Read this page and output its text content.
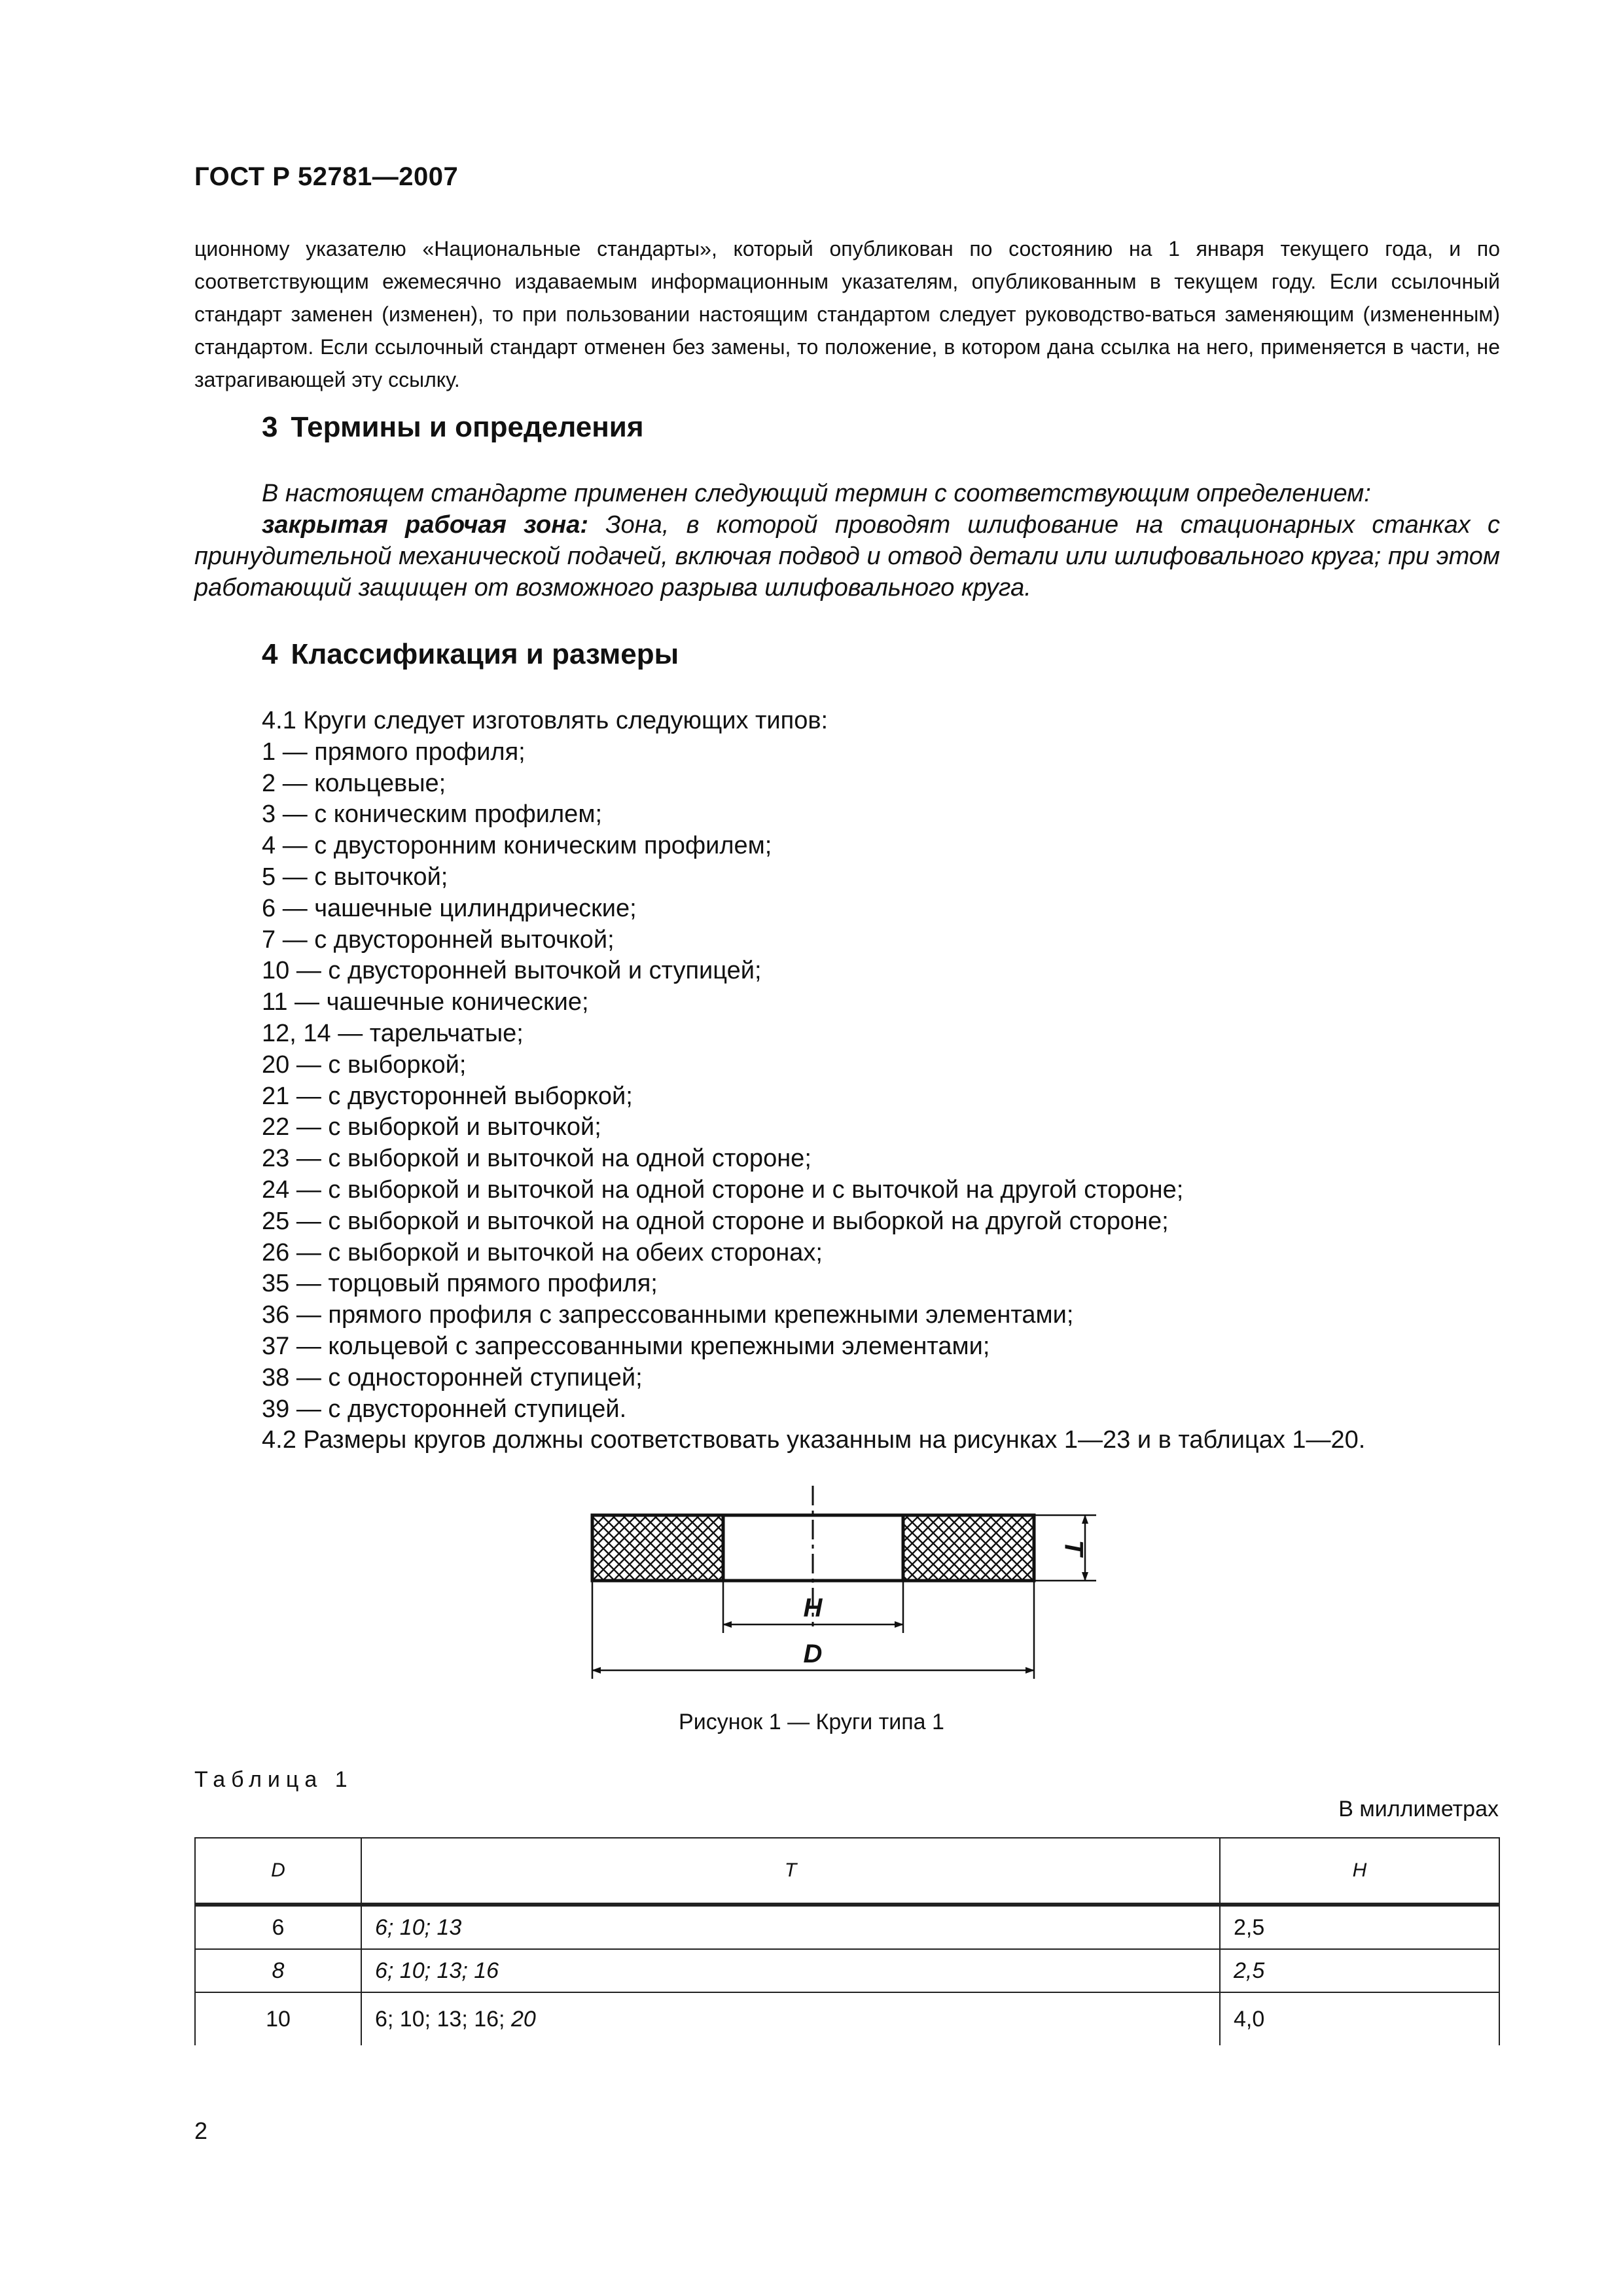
ГОСТ Р 52781—2007

ционному указателю «Национальные стандарты», который опубликован по состоянию на 1 января текущего года, и по соответствующим ежемесячно издаваемым информационным указателям, опубликованным в текущем году. Если ссылочный стандарт заменен (изменен), то при пользовании настоящим стандартом следует руководство-ваться заменяющим (измененным) стандартом. Если ссылочный стандарт отменен без замены, то положение, в котором дана ссылка на него, применяется в части, не затрагивающей эту ссылку.

3 Термины и определения

В настоящем стандарте применен следующий термин с соответствующим определением:

закрытая рабочая зона: Зона, в которой проводят шлифование на стационарных станках с принудительной механической подачей, включая подвод и отвод детали или шлифовального круга; при этом работающий защищен от возможного разрыва шлифовального круга.

4 Классификация и размеры
4.1 Круги следует изготовлять следующих типов:
1 — прямого профиля;
2 — кольцевые;
3 — с коническим профилем;
4 — с двусторонним коническим профилем;
5 — с выточкой;
6 — чашечные цилиндрические;
7 — с двусторонней выточкой;
10 — с двусторонней выточкой и ступицей;
11 — чашечные конические;
12, 14 — тарельчатые;
20 — с выборкой;
21 — с двусторонней выборкой;
22 — с выборкой и выточкой;
23 — с выборкой и выточкой на одной стороне;
24 — с выборкой и выточкой на одной стороне и с выточкой на другой стороне;
25 — с выборкой и выточкой на одной стороне и выборкой на другой стороне;
26 — с выборкой и выточкой на обеих сторонах;
35 — торцовый прямого профиля;
36 — прямого профиля с запрессованными крепежными элементами;
37 — кольцевой с запрессованными крепежными элементами;
38 — с односторонней ступицей;
39 — с двусторонней ступицей.
4.2 Размеры кругов должны соответствовать указанным на рисунках 1—23 и в таблицах 1—20.
T
H
D
Рисунок 1 — Круги типа 1
Таблица 1
В миллиметрах
D	T	H
6	6; 10; 13	2,5
8	6; 10; 13; 16	2,5
10	6; 10; 13; 16; 20	4,0
2
